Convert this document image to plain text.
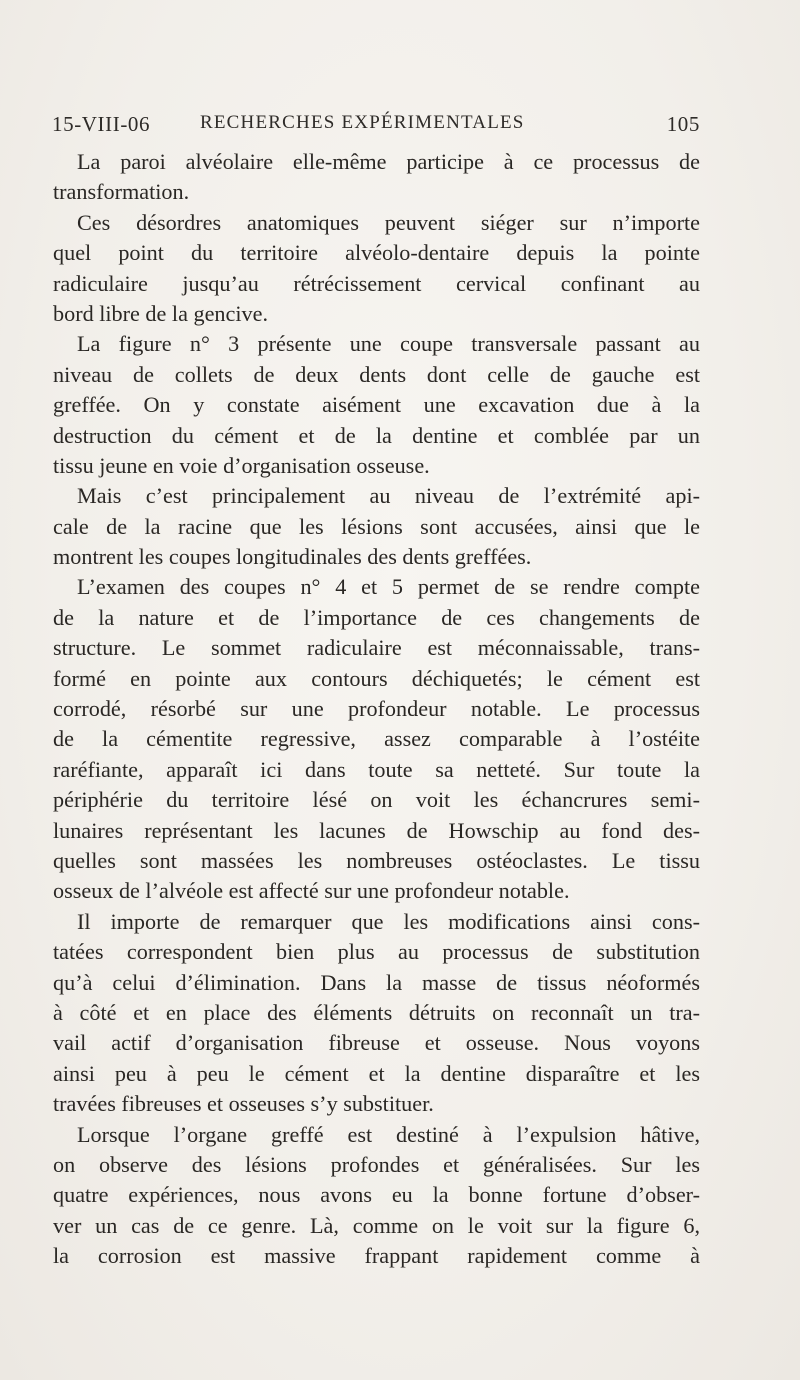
15-VIII-06	RECHERCHES EXPÉRIMENTALES	105
La paroi alvéolaire elle-même participe à ce processus de
transformation.
Ces désordres anatomiques peuvent siéger sur n’importe
quel point du territoire alvéolo-dentaire depuis la pointe
radiculaire jusqu’au rétrécissement cervical confinant au
bord libre de la gencive.
La figure n° 3 présente une coupe transversale passant au
niveau de collets de deux dents dont celle de gauche est
greffée. On y constate aisément une excavation due à la
destruction du cément et de la dentine et comblée par un
tissu jeune en voie d’organisation osseuse.
Mais c’est principalement au niveau de l’extrémité api-
cale de la racine que les lésions sont accusées, ainsi que le
montrent les coupes longitudinales des dents greffées.
L’examen des coupes n° 4 et 5 permet de se rendre compte
de la nature et de l’importance de ces changements de
structure. Le sommet radiculaire est méconnaissable, trans-
formé en pointe aux contours déchiquetés; le cément est
corrodé, résorbé sur une profondeur notable. Le processus
de la cémentite regressive, assez comparable à l’ostéite
raréfiante, apparaît ici dans toute sa netteté. Sur toute la
périphérie du territoire lésé on voit les échancrures semi-
lunaires représentant les lacunes de Howschip au fond des-
quelles sont massées les nombreuses ostéoclastes. Le tissu
osseux de l’alvéole est affecté sur une profondeur notable.
Il importe de remarquer que les modifications ainsi cons-
tatées correspondent bien plus au processus de substitution
qu’à celui d’élimination. Dans la masse de tissus néoformés
à côté et en place des éléments détruits on reconnaît un tra-
vail actif d’organisation fibreuse et osseuse. Nous voyons
ainsi peu à peu le cément et la dentine disparaître et les
travées fibreuses et osseuses s’y substituer.
Lorsque l’organe greffé est destiné à l’expulsion hâtive,
on observe des lésions profondes et généralisées. Sur les
quatre expériences, nous avons eu la bonne fortune d’obser-
ver un cas de ce genre. Là, comme on le voit sur la figure 6,
la corrosion est massive frappant rapidement comme à
